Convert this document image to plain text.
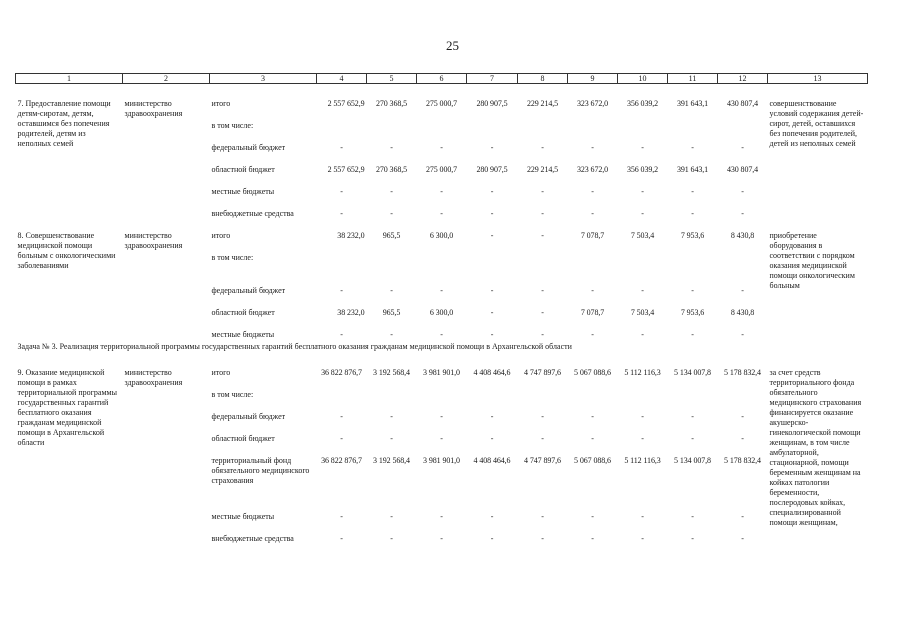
25
1	2	3	4	5	6	7	8	9	10	11	12	13

7. Предоставление помощи детям-сиротам, детям, оставшимся без попечения родителей, детям из неполных семей	министерство здравоохранения	итого	2 557 652,9	270 368,5	275 000,7	280 907,5	229 214,5	323 672,0	356 039,2	391 643,1	430 807,4	совершенствование условий содержания детей-сирот, детей, оставшихся без попечения родителей, детей из неполных семей
		в том числе:										
		федеральный бюджет	-	-	-	-	-	-	-	-	-	
		областной бюджет	2 557 652,9	270 368,5	275 000,7	280 907,5	229 214,5	323 672,0	356 039,2	391 643,1	430 807,4	
		местные бюджеты	-	-	-	-	-	-	-	-	-	
		внебюджетные средства	-	-	-	-	-	-	-	-	-	
8. Совершенствование медицинской помощи больным с онкологическими заболеваниями	министерство здравоохранения	итого	38 232,0	965,5	6 300,0	-	-	7 078,7	7 503,4	7 953,6	8 430,8	приобретение оборудования в соответствии с порядком оказания медицинской помощи онкологическим больным
		в том числе:										
		федеральный бюджет	-	-	-	-	-	-	-	-	-	
		областной бюджет	38 232,0	965,5	6 300,0	-	-	7 078,7	7 503,4	7 953,6	8 430,8	
		местные бюджеты	-	-	-	-	-	-	-	-	-	
Задача № 3. Реализация территориальной программы государственных гарантий бесплатного оказания гражданам медицинской помощи в Архангельской области												
9. Оказание медицинской помощи в рамках территориальной программы государственных гарантий бесплатного оказания гражданам медицинской помощи в Архангельской области	министерство здравоохранения	итого	36 822 876,7	3 192 568,4	3 981 901,0	4 408 464,6	4 747 897,6	5 067 088,6	5 112 116,3	5 134 007,8	5 178 832,4	за счет средств территориального фонда обязательного медицинского страхования финансируется оказание акушерско-гинекологической помощи женщинам, в том числе амбулаторной, стационарной, помощи беременным женщинам на койках патологии беременности, послеродовых койках, специализированной помощи женщинам,
		в том числе:										
		федеральный бюджет	-	-	-	-	-	-	-	-	-	
		областной бюджет	-	-	-	-	-	-	-	-	-	
		территориальный фонд обязательного медицинского страхования	36 822 876,7	3 192 568,4	3 981 901,0	4 408 464,6	4 747 897,6	5 067 088,6	5 112 116,3	5 134 007,8	5 178 832,4	
		местные бюджеты	-	-	-	-	-	-	-	-	-	
		внебюджетные средства	-	-	-	-	-	-	-	-	-	
